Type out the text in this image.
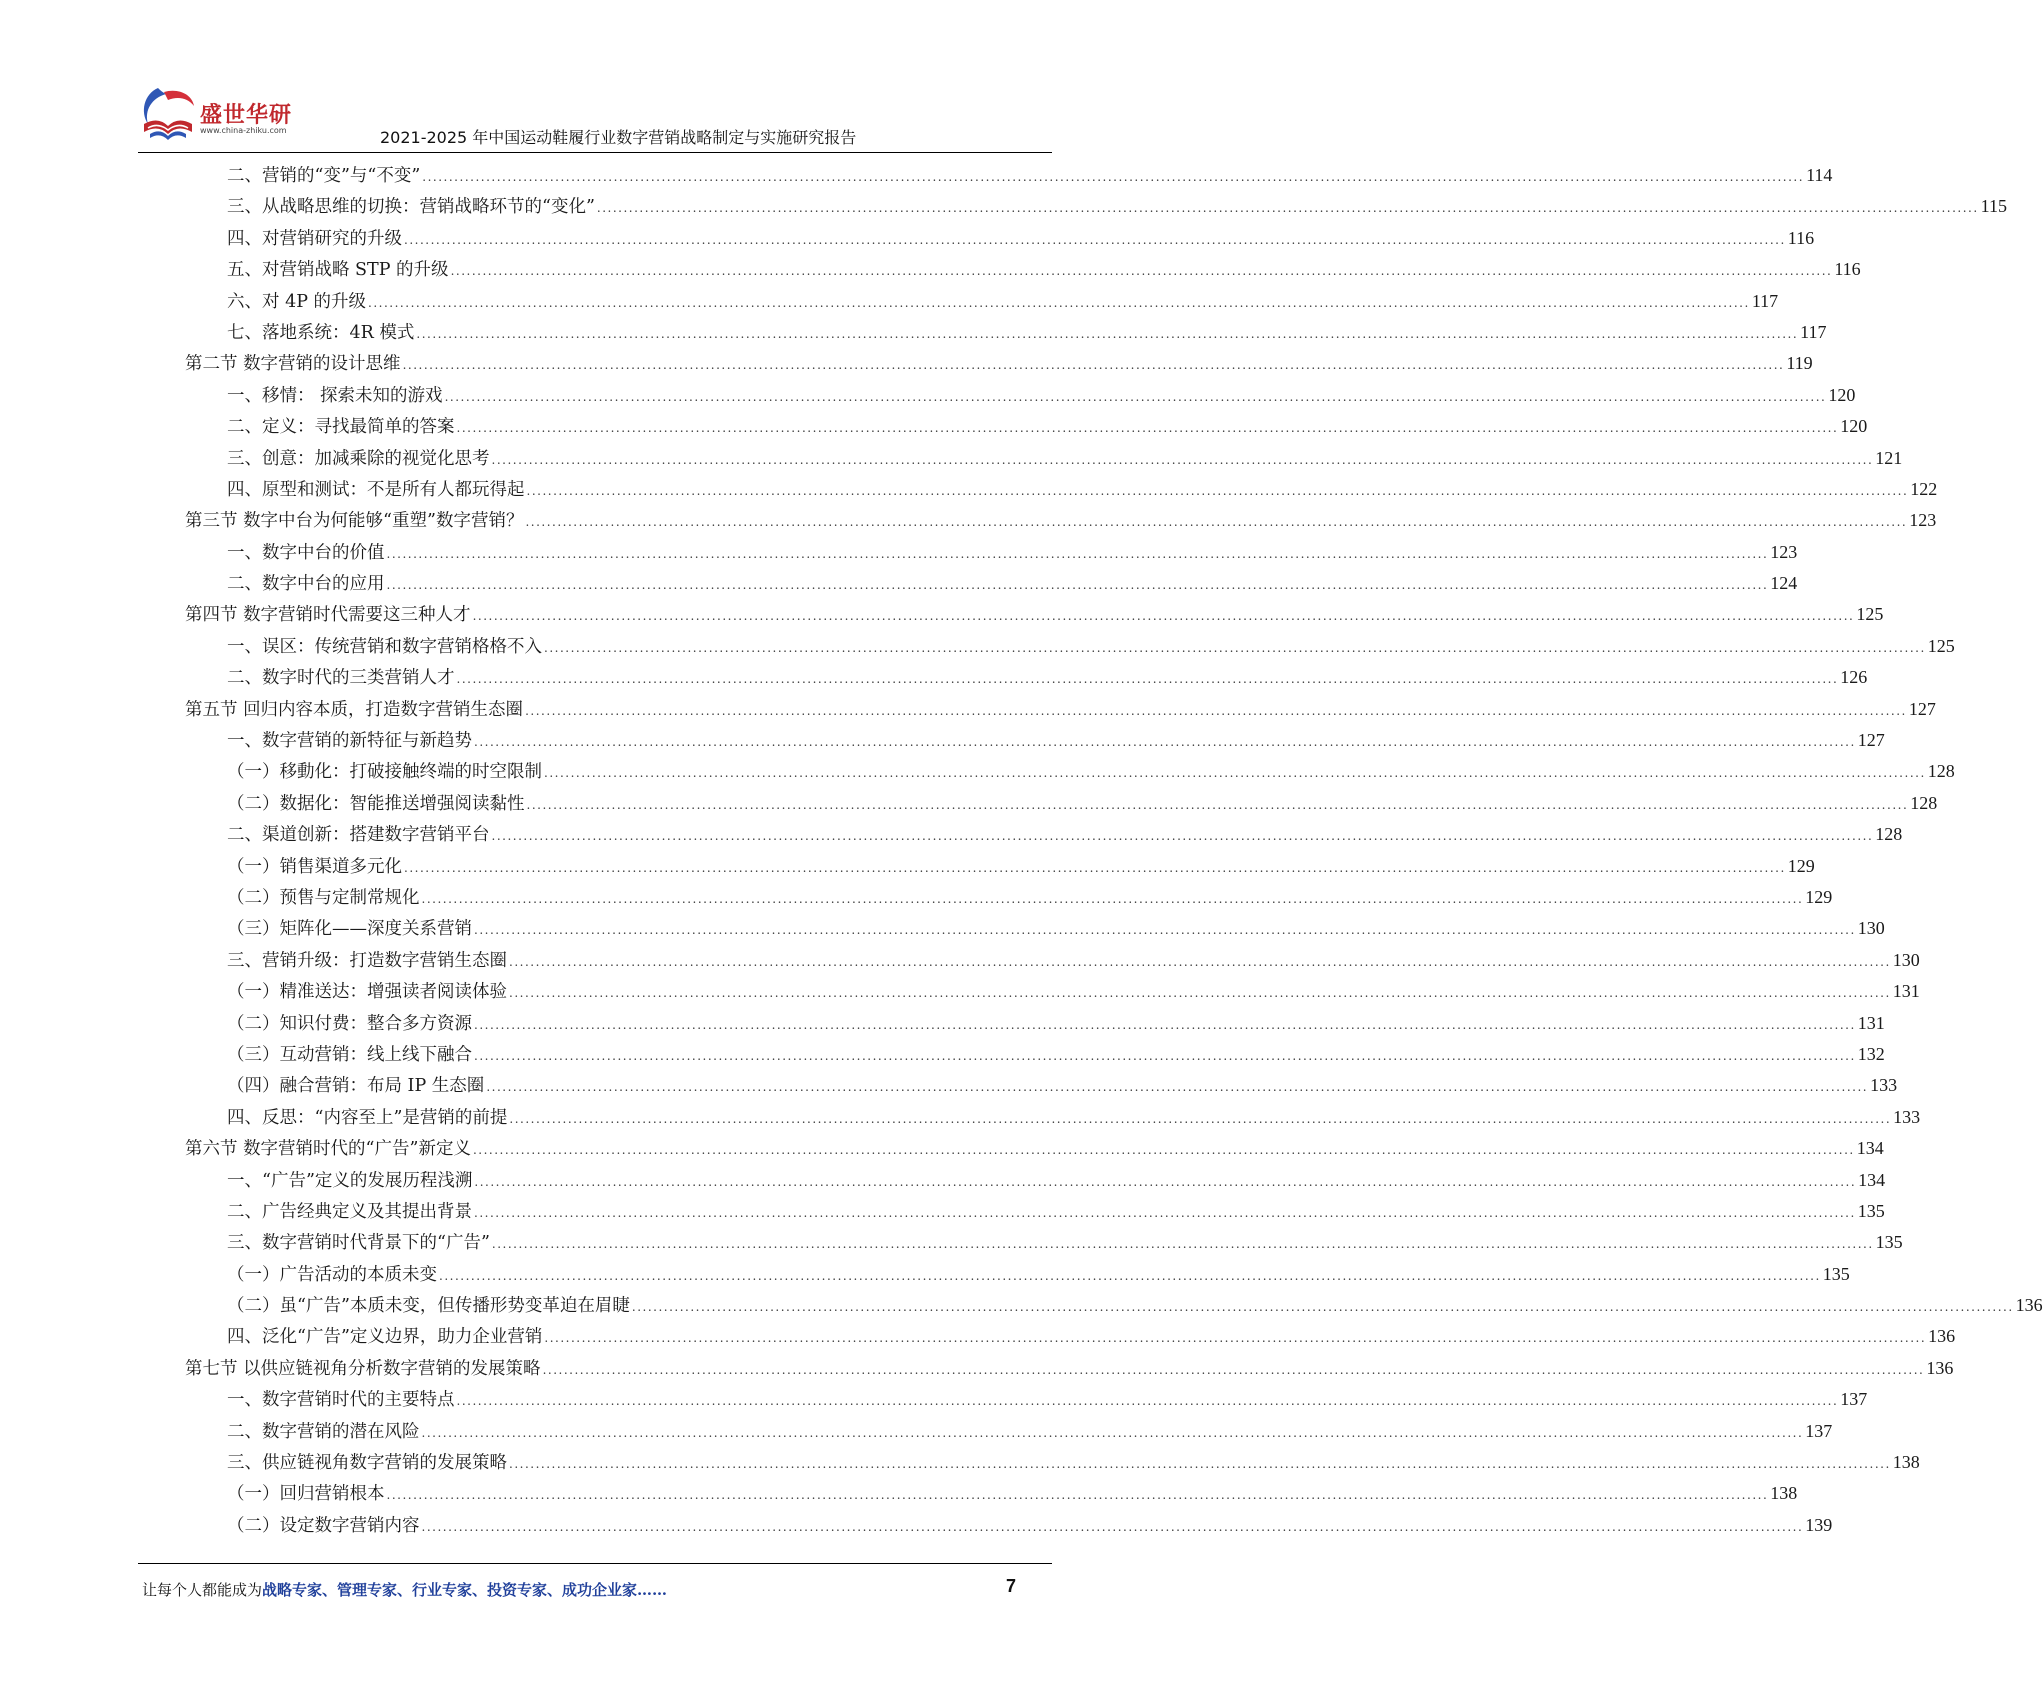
盛世华研
www.china-zhiku.com	2021-2025 年中国运动鞋履行业数字营销战略制定与实施研究报告
二、营销的“变”与“不变” .................................................................................................................................................................................................................................................................... 114
三、从战略思维的切换：营销战略环节的“变化” .................................................................................................................................................................................................................................................................... 115
四、对营销研究的升级 .................................................................................................................................................................................................................................................................... 116
五、对营销战略 STP 的升级 .................................................................................................................................................................................................................................................................... 116
六、对 4P 的升级 .................................................................................................................................................................................................................................................................... 117
七、落地系统：4R 模式 .................................................................................................................................................................................................................................................................... 117
第二节 数字营销的设计思维 .................................................................................................................................................................................................................................................................... 119
一、移情： 探索未知的游戏 .................................................................................................................................................................................................................................................................... 120
二、定义：寻找最简单的答案 .................................................................................................................................................................................................................................................................... 120
三、创意：加减乘除的视觉化思考 .................................................................................................................................................................................................................................................................... 121
四、原型和测试：不是所有人都玩得起 .................................................................................................................................................................................................................................................................... 122
第三节 数字中台为何能够“重塑”数字营销？ .................................................................................................................................................................................................................................................................... 123
一、数字中台的价值 .................................................................................................................................................................................................................................................................... 123
二、数字中台的应用 .................................................................................................................................................................................................................................................................... 124
第四节 数字营销时代需要这三种人才 .................................................................................................................................................................................................................................................................... 125
一、误区：传统营销和数字营销格格不入 .................................................................................................................................................................................................................................................................... 125
二、数字时代的三类营销人才 .................................................................................................................................................................................................................................................................... 126
第五节 回归内容本质，打造数字营销生态圈 .................................................................................................................................................................................................................................................................... 127
一、数字营销的新特征与新趋势 .................................................................................................................................................................................................................................................................... 127
（一）移動化：打破接触终端的时空限制 .................................................................................................................................................................................................................................................................... 128
（二）数据化：智能推送增强阅读黏性 .................................................................................................................................................................................................................................................................... 128
二、渠道创新：搭建数字营销平台 .................................................................................................................................................................................................................................................................... 128
（一）销售渠道多元化 .................................................................................................................................................................................................................................................................... 129
（二）预售与定制常规化 .................................................................................................................................................................................................................................................................... 129
（三）矩阵化——深度关系营销 .................................................................................................................................................................................................................................................................... 130
三、营销升级：打造数字营销生态圈 .................................................................................................................................................................................................................................................................... 130
（一）精准送达：增强读者阅读体验 .................................................................................................................................................................................................................................................................... 131
（二）知识付费：整合多方资源 .................................................................................................................................................................................................................................................................... 131
（三）互动营销：线上线下融合 .................................................................................................................................................................................................................................................................... 132
（四）融合营销：布局 IP 生态圈 .................................................................................................................................................................................................................................................................... 133
四、反思：“内容至上”是营销的前提 .................................................................................................................................................................................................................................................................... 133
第六节 数字营销时代的“广告”新定义 .................................................................................................................................................................................................................................................................... 134
一、“广告”定义的发展历程浅溯 .................................................................................................................................................................................................................................................................... 134
二、广告经典定义及其提出背景 .................................................................................................................................................................................................................................................................... 135
三、数字营销时代背景下的“广告” .................................................................................................................................................................................................................................................................... 135
（一）广告活动的本质未变 .................................................................................................................................................................................................................................................................... 135
（二）虽“广告”本质未变，但传播形势变革迫在眉睫 .................................................................................................................................................................................................................................................................... 136
四、泛化“广告”定义边界，助力企业营销 .................................................................................................................................................................................................................................................................... 136
第七节 以供应链视角分析数字营销的发展策略 .................................................................................................................................................................................................................................................................... 136
一、数字营销时代的主要特点 .................................................................................................................................................................................................................................................................... 137
二、数字营销的潜在风险 .................................................................................................................................................................................................................................................................... 137
三、供应链视角数字营销的发展策略 .................................................................................................................................................................................................................................................................... 138
（一）回归营销根本 .................................................................................................................................................................................................................................................................... 138
（二）设定数字营销内容 .................................................................................................................................................................................................................................................................... 139
让每个人都能成为战略专家、管理专家、行业专家、投资专家、成功企业家……	7
